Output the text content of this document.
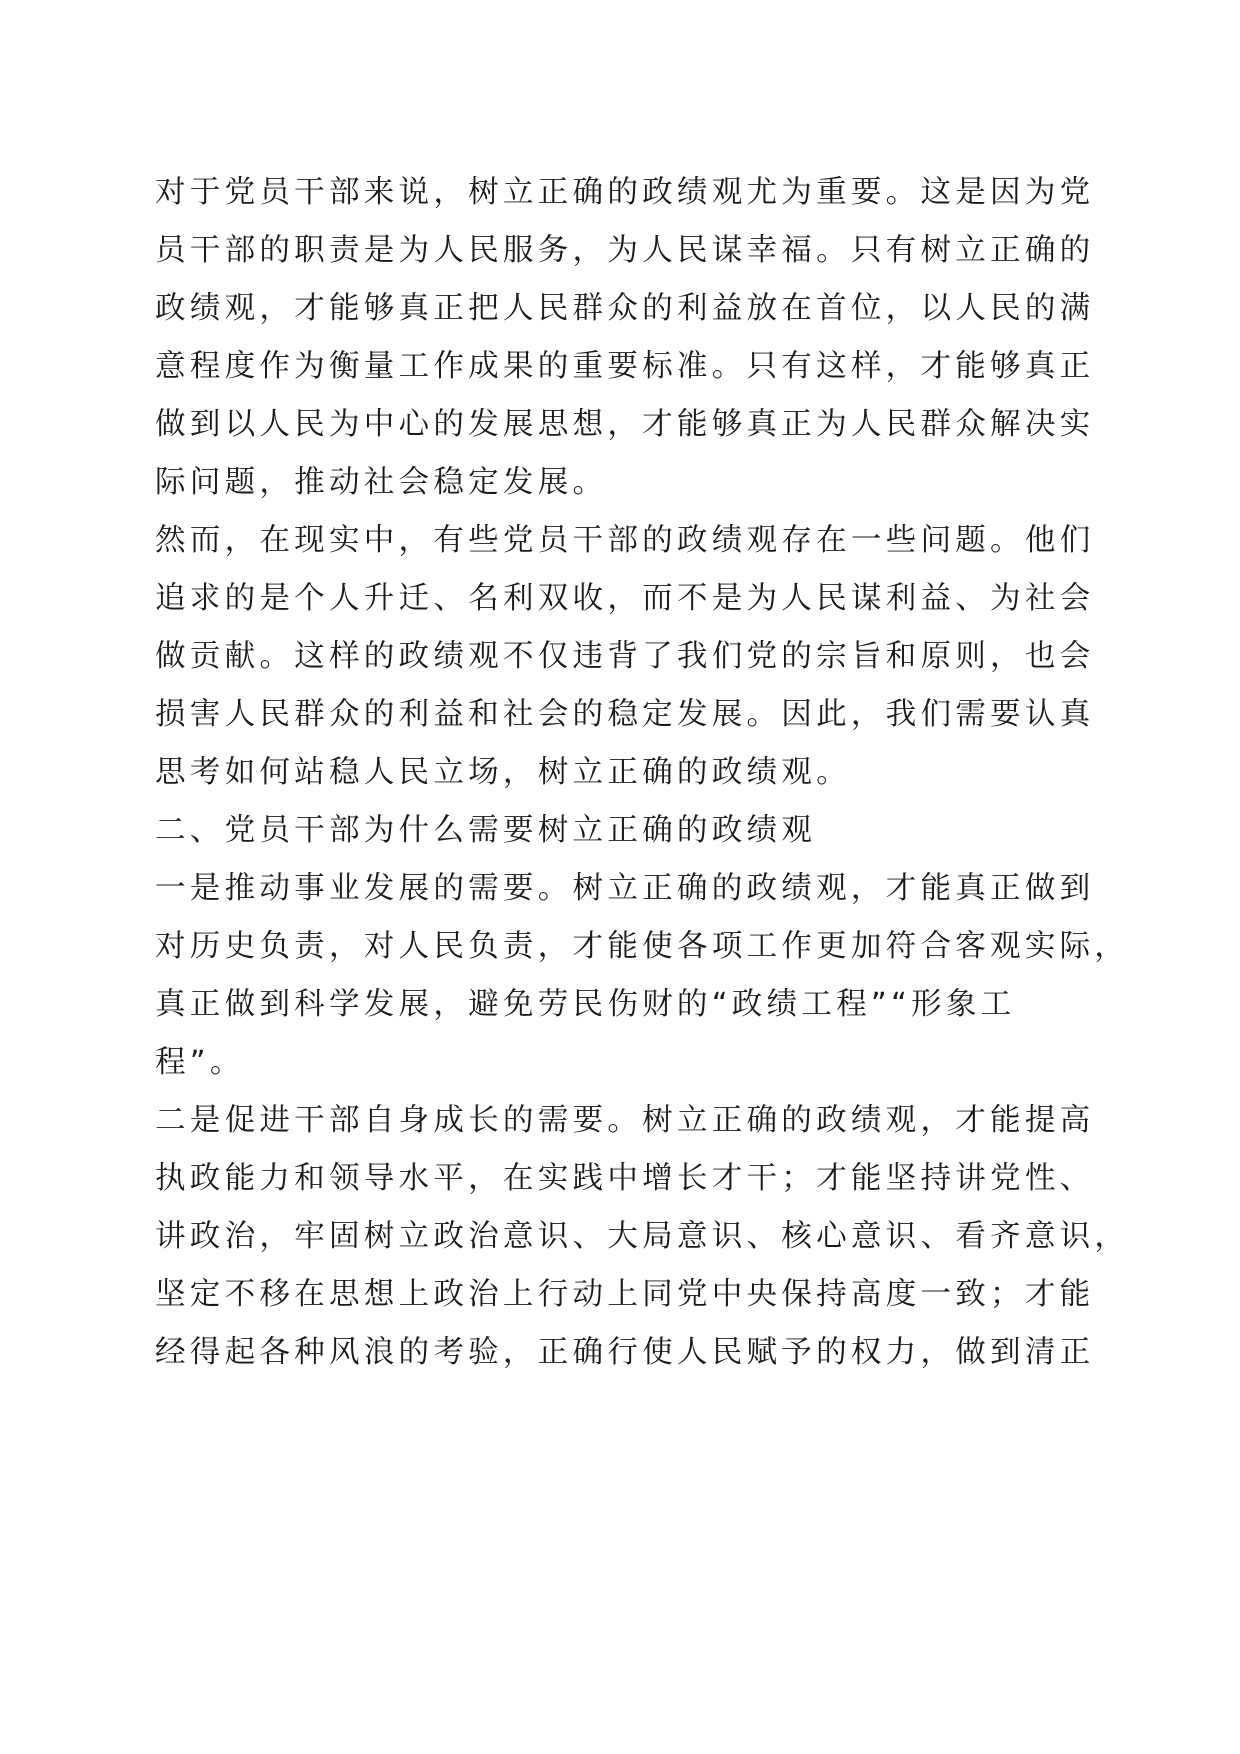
对于党员干部来说，树立正确的政绩观尤为重要。这是因为党
员干部的职责是为人民服务，为人民谋幸福。只有树立正确的
政绩观，才能够真正把人民群众的利益放在首位，以人民的满
意程度作为衡量工作成果的重要标准。只有这样，才能够真正
做到以人民为中心的发展思想，才能够真正为人民群众解决实
际问题，推动社会稳定发展。
然而，在现实中，有些党员干部的政绩观存在一些问题。他们
追求的是个人升迁、名利双收，而不是为人民谋利益、为社会
做贡献。这样的政绩观不仅违背了我们党的宗旨和原则，也会
损害人民群众的利益和社会的稳定发展。因此，我们需要认真
思考如何站稳人民立场，树立正确的政绩观。
二、党员干部为什么需要树立正确的政绩观
一是推动事业发展的需要。树立正确的政绩观，才能真正做到
对历史负责，对人民负责，才能使各项工作更加符合客观实际，
真正做到科学发展，避免劳民伤财的“政绩工程”“形象工
程”。
二是促进干部自身成长的需要。树立正确的政绩观，才能提高
执政能力和领导水平，在实践中增长才干；才能坚持讲党性、
讲政治，牢固树立政治意识、大局意识、核心意识、看齐意识，
坚定不移在思想上政治上行动上同党中央保持高度一致；才能
经得起各种风浪的考验，正确行使人民赋予的权力，做到清正
